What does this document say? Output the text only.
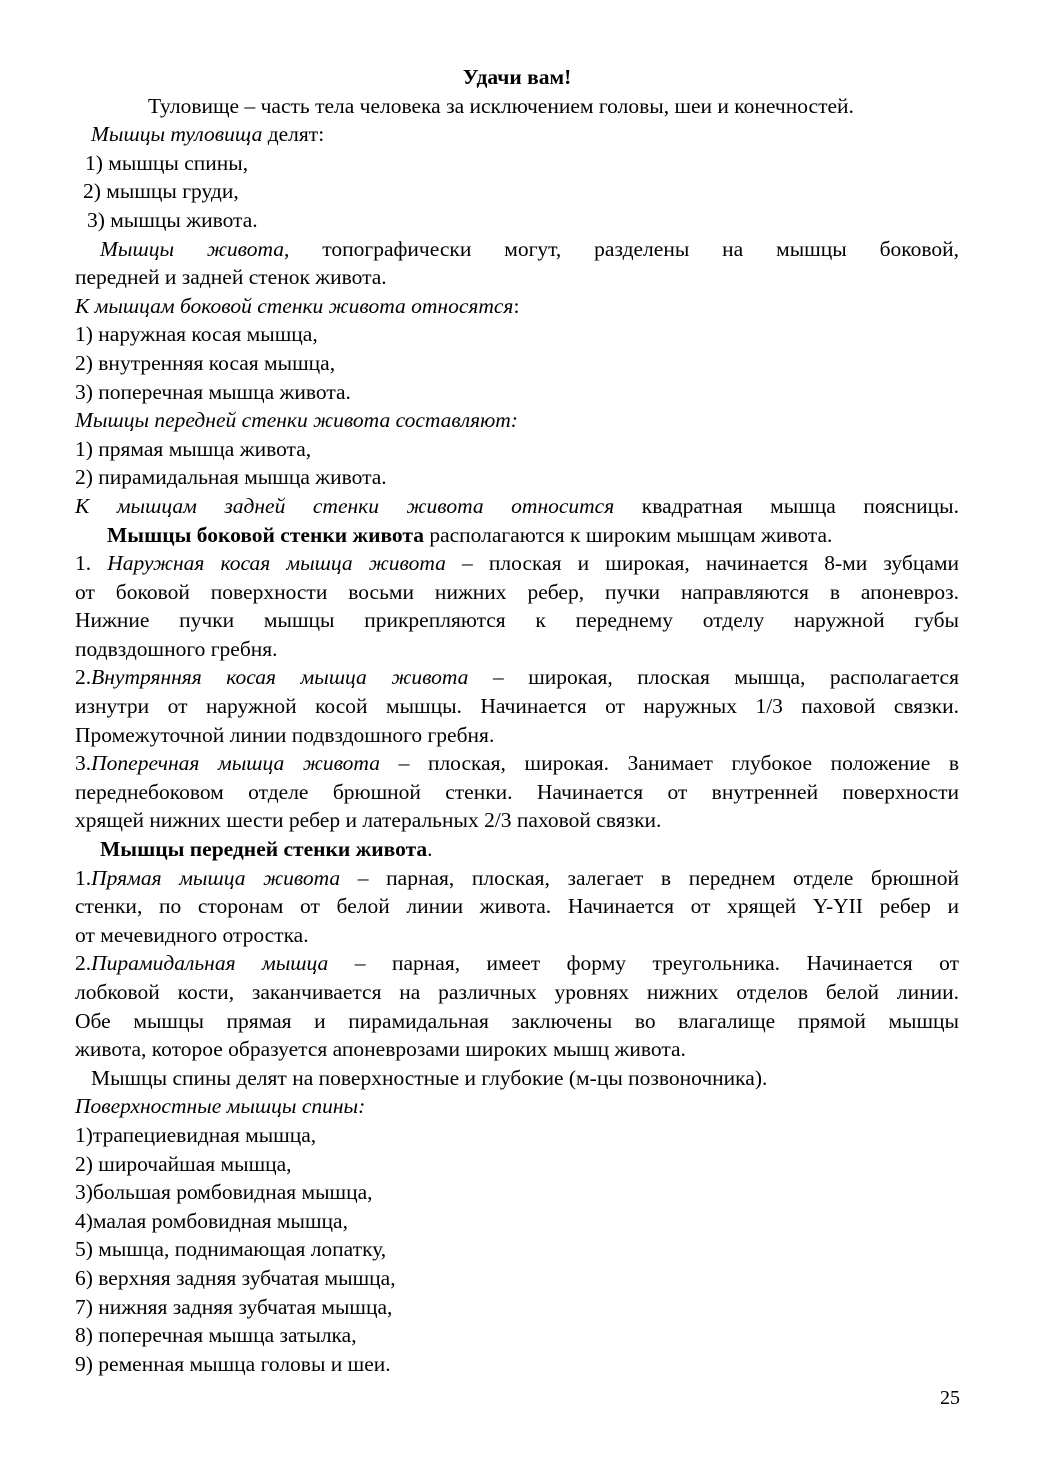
Удачи вам!
Туловище – часть тела человека за исключением головы, шеи и конечностей.
Мышцы туловища делят:
1) мышцы спины,
2) мышцы груди,
3) мышцы живота.
Мышцы живота, топографически могут, разделены на мышцы боковой,
передней и задней стенок живота.
К мышцам боковой стенки живота относятся:
1) наружная косая мышца,
2) внутренняя косая мышца,
3) поперечная мышца живота.
Мышцы передней стенки живота составляют:
1) прямая мышца живота,
2) пирамидальная мышца живота.
К мышцам задней стенки живота относится квадратная мышца поясницы.
Мышцы боковой стенки живота располагаются к широким мышцам живота.
1. Наружная косая мышца живота – плоская и широкая, начинается 8-ми зубцами
от боковой поверхности восьми нижних ребер, пучки направляются в апоневроз.
Нижние пучки мышцы прикрепляются к переднему отделу наружной губы
подвздошного гребня.
2.Внутрянняя косая мышца живота – широкая, плоская мышца, располагается
изнутри от наружной косой мышцы. Начинается от наружных 1/3 паховой связки.
Промежуточной линии подвздошного гребня.
3.Поперечная мышца живота – плоская, широкая. Занимает глубокое положение в
переднебоковом отделе брюшной стенки. Начинается от внутренней поверхности
хрящей нижних шести ребер и латеральных 2/3 паховой связки.
Мышцы передней стенки живота.
1.Прямая мышца живота – парная, плоская, залегает в переднем отделе брюшной
стенки, по сторонам от белой линии живота. Начинается от хрящей Y-YII ребер и
от мечевидного отростка.
2.Пирамидальная мышца – парная, имеет форму треугольника. Начинается от
лобковой кости, заканчивается на различных уровнях нижних отделов белой линии.
Обе мышцы прямая и пирамидальная заключены во влагалище прямой мышцы
живота, которое образуется апоневрозами широких мышц живота.
Мышцы спины делят на поверхностные и глубокие (м-цы позвоночника).
Поверхностные мышцы спины:
1)трапециевидная мышца,
2) широчайшая мышца,
3)большая ромбовидная мышца,
4)малая ромбовидная мышца,
5) мышца, поднимающая лопатку,
6) верхняя задняя зубчатая мышца,
7) нижняя задняя зубчатая мышца,
8) поперечная мышца затылка,
9) ременная мышца головы и шеи.
25
